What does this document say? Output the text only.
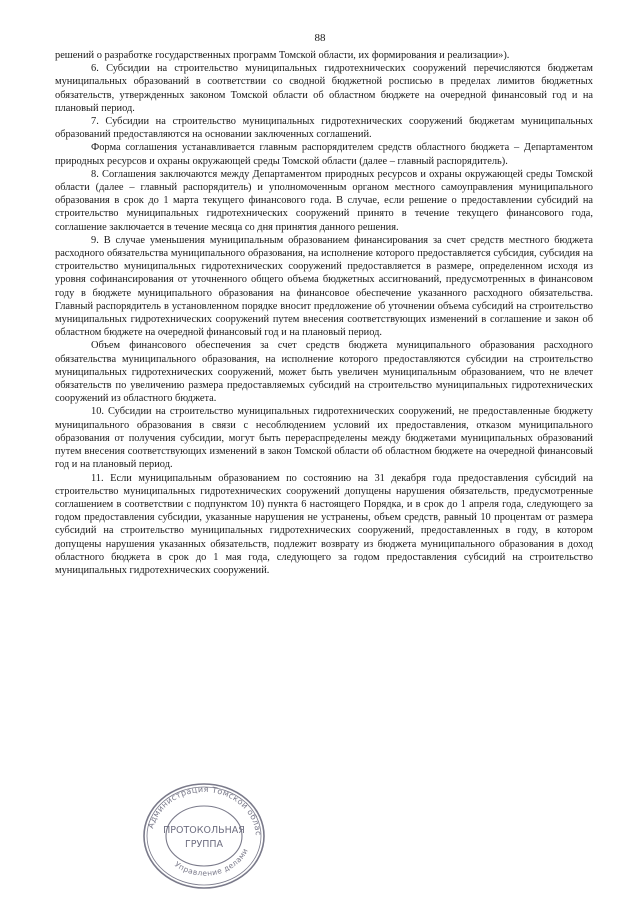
88

решений о разработке государственных программ Томской области, их формирования и реализации»).

6. Субсидии на строительство муниципальных гидротехнических сооружений перечисляются бюджетам муниципальных образований в соответствии со сводной бюджетной росписью в пределах лимитов бюджетных обязательств, утвержденных законом Томской области об областном бюджете на очередной финансовый год и на плановый период.

7. Субсидии на строительство муниципальных гидротехнических сооружений бюджетам муниципальных образований предоставляются на основании заключенных соглашений.

Форма соглашения устанавливается главным распорядителем средств областного бюджета – Департаментом природных ресурсов и охраны окружающей среды Томской области (далее – главный распорядитель).

8. Соглашения заключаются между Департаментом природных ресурсов и охраны окружающей среды Томской области (далее – главный распорядитель) и уполномоченным органом местного самоуправления муниципального образования в срок до 1 марта текущего финансового года. В случае, если решение о предоставлении субсидий на строительство муниципальных гидротехнических сооружений принято в течение текущего финансового года, соглашение заключается в течение месяца со дня принятия данного решения.

9. В случае уменьшения муниципальным образованием финансирования за счет средств местного бюджета расходного обязательства муниципального образования, на исполнение которого предоставляется субсидия, субсидия на строительство муниципальных гидротехнических сооружений предоставляется в размере, определенном исходя из уровня софинансирования от уточненного общего объема бюджетных ассигнований, предусмотренных в финансовом году в бюджете муниципального образования на финансовое обеспечение указанного расходного обязательства. Главный распорядитель в установленном порядке вносит предложение об уточнении объема субсидий на строительство муниципальных гидротехнических сооружений путем внесения соответствующих изменений в соглашение и закон об областном бюджете на очередной финансовый год и на плановый период.

Объем финансового обеспечения за счет средств бюджета муниципального образования расходного обязательства муниципального образования, на исполнение которого предоставляются субсидии на строительство муниципальных гидротехнических сооружений, может быть увеличен муниципальным образованием, что не влечет обязательств по увеличению размера предоставляемых субсидий на строительство муниципальных гидротехнических сооружений из областного бюджета.

10. Субсидии на строительство муниципальных гидротехнических сооружений, не предоставленные бюджету муниципального образования в связи с несоблюдением условий их предоставления, отказом муниципального образования от получения субсидии, могут быть перераспределены между бюджетами муниципальных образований путем внесения соответствующих изменений в закон Томской области об областном бюджете на очередной финансовый год и на плановый период.

11. Если муниципальным образованием по состоянию на 31 декабря года предоставления субсидий на строительство муниципальных гидротехнических сооружений допущены нарушения обязательств, предусмотренные соглашением в соответствии с подпунктом 10) пункта 6 настоящего Порядка, и в срок до 1 апреля года, следующего за годом предоставления субсидии, указанные нарушения не устранены, объем средств, равный 10 процентам от размера субсидий на строительство муниципальных гидротехнических сооружений, предоставленных в году, в котором допущены нарушения указанных обязательств, подлежит возврату из бюджета муниципального образования в доход областного бюджета в срок до 1 мая года, следующего за годом предоставления субсидий на строительство муниципальных гидротехнических сооружений.

Администрация Томской облас
Управление делами
ПРОТОКОЛЬНАЯ
ГРУППА
